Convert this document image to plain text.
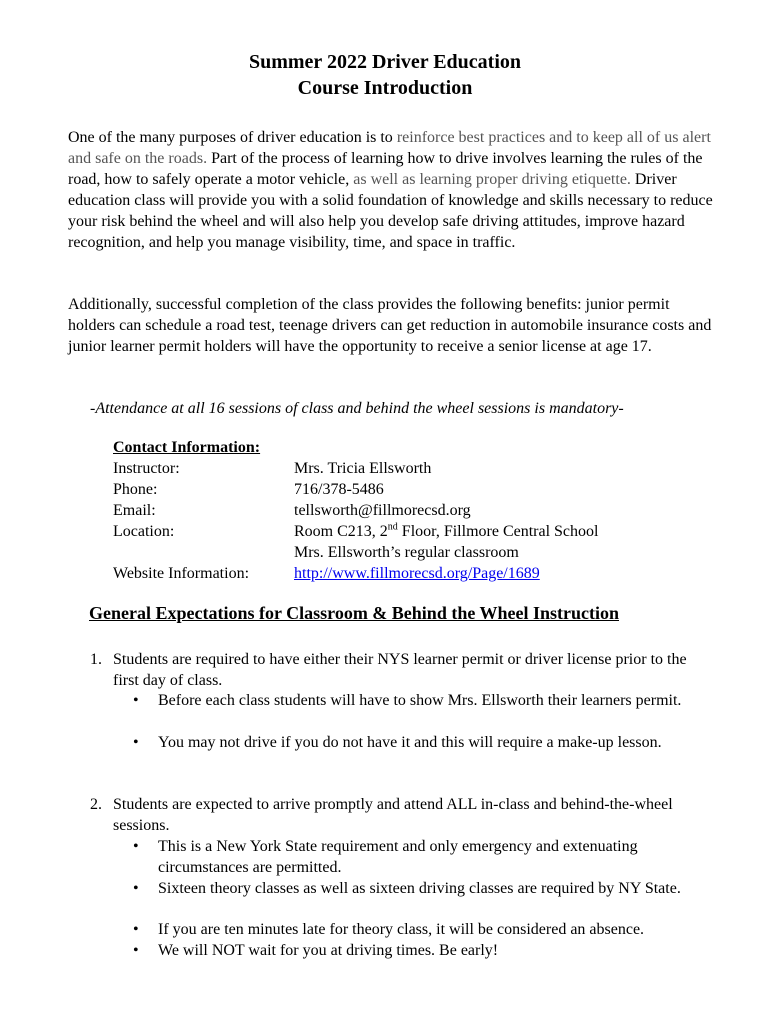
Summer 2022 Driver Education
Course Introduction

One of the many purposes of driver education is to reinforce best practices and to keep all of us alert and safe on the roads. Part of the process of learning how to drive involves learning the rules of the road, how to safely operate a motor vehicle, as well as learning proper driving etiquette. Driver education class will provide you with a solid foundation of knowledge and skills necessary to reduce your risk behind the wheel and will also help you develop safe driving attitudes, improve hazard recognition, and help you manage visibility, time, and space in traffic.

Additionally, successful completion of the class provides the following benefits: junior permit holders can schedule a road test, teenage drivers can get reduction in automobile insurance costs and junior learner permit holders will have the opportunity to receive a senior license at age 17.

-Attendance at all 16 sessions of class and behind the wheel sessions is mandatory-
Contact Information:
Instructor:	Mrs. Tricia Ellsworth
Phone:	716/378-5486
Email:	tellsworth@fillmorecsd.org
Location:	Room C213, 2nd Floor, Fillmore Central School
Mrs. Ellsworth’s regular classroom
Website Information:	http://www.fillmorecsd.org/Page/1689
General Expectations for Classroom & Behind the Wheel Instruction
1. Students are required to have either their NYS learner permit or driver license prior to the first day of class.
• Before each class students will have to show Mrs. Ellsworth their learners permit.
• You may not drive if you do not have it and this will require a make-up lesson.
2. Students are expected to arrive promptly and attend ALL in-class and behind-the-wheel sessions.
• This is a New York State requirement and only emergency and extenuating circumstances are permitted.
• Sixteen theory classes as well as sixteen driving classes are required by NY State.
• If you are ten minutes late for theory class, it will be considered an absence.
• We will NOT wait for you at driving times. Be early!
